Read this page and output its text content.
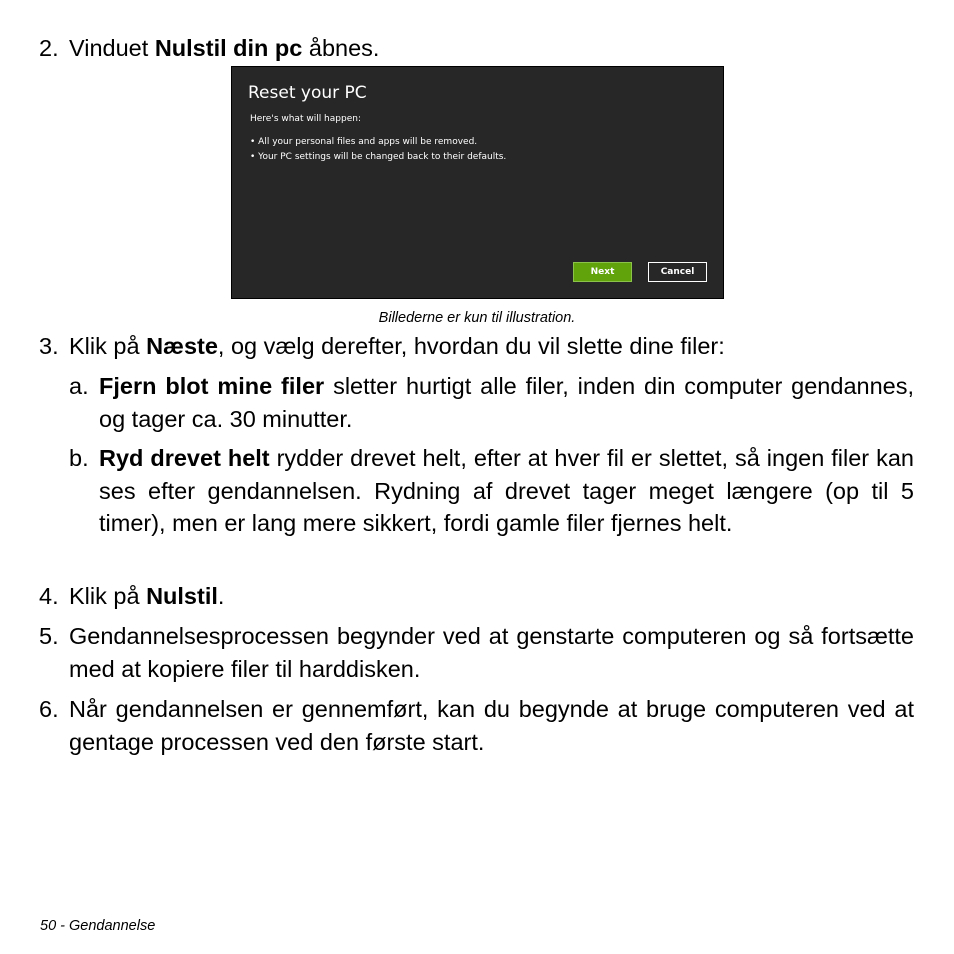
2. Vinduet Nulstil din pc åbnes.
Reset your PC
Here's what will happen:
• All your personal files and apps will be removed.
• Your PC settings will be changed back to their defaults.
Next	Cancel
Billederne er kun til illustration.
3. Klik på Næste, og vælg derefter, hvordan du vil slette dine filer:
a. Fjern blot mine filer sletter hurtigt alle filer, inden din computer gendannes, og tager ca. 30 minutter.
b. Ryd drevet helt rydder drevet helt, efter at hver fil er slettet, så ingen filer kan ses efter gendannelsen. Rydning af drevet tager meget længere (op til 5 timer), men er lang mere sikkert, fordi gamle filer fjernes helt.
4. Klik på Nulstil.
5. Gendannelsesprocessen begynder ved at genstarte computeren og så fortsætte med at kopiere filer til harddisken.
6. Når gendannelsen er gennemført, kan du begynde at bruge computeren ved at gentage processen ved den første start.
50 - Gendannelse
